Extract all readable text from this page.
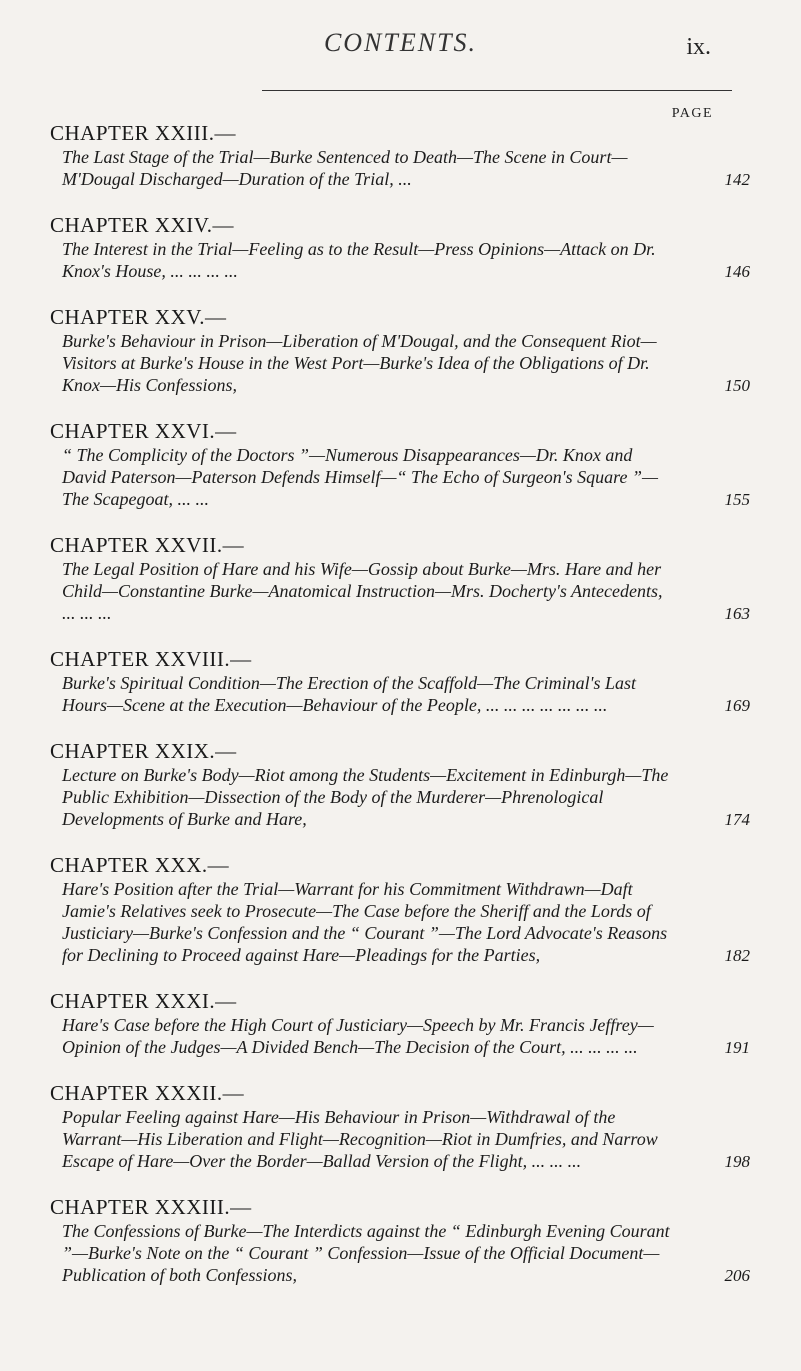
CONTENTS.	ix.
PAGE
CHAPTER XXIII.—
The Last Stage of the Trial—Burke Sentenced to Death—The Scene in Court—M'Dougal Discharged—Duration of the Trial, ...	142
CHAPTER XXIV.—
The Interest in the Trial—Feeling as to the Result—Press Opinions—Attack on Dr. Knox's House, ... ... ... ...	146
CHAPTER XXV.—
Burke's Behaviour in Prison—Liberation of M'Dougal, and the Consequent Riot—Visitors at Burke's House in the West Port—Burke's Idea of the Obligations of Dr. Knox—His Confessions,	150
CHAPTER XXVI.—
“ The Complicity of the Doctors ”—Numerous Disappearances—Dr. Knox and David Paterson—Paterson Defends Himself—“ The Echo of Surgeon's Square ”—The Scapegoat, ... ...	155
CHAPTER XXVII.—
The Legal Position of Hare and his Wife—Gossip about Burke—Mrs. Hare and her Child—Constantine Burke—Anatomical Instruction—Mrs. Docherty's Antecedents, ... ... ...	163
CHAPTER XXVIII.—
Burke's Spiritual Condition—The Erection of the Scaffold—The Criminal's Last Hours—Scene at the Execution—Behaviour of the People, ... ... ... ... ... ... ...	169
CHAPTER XXIX.—
Lecture on Burke's Body—Riot among the Students—Excitement in Edinburgh—The Public Exhibition—Dissection of the Body of the Murderer—Phrenological Developments of Burke and Hare,	174
CHAPTER XXX.—
Hare's Position after the Trial—Warrant for his Commitment Withdrawn—Daft Jamie's Relatives seek to Prosecute—The Case before the Sheriff and the Lords of Justiciary—Burke's Confession and the “ Courant ”—The Lord Advocate's Reasons for Declining to Proceed against Hare—Pleadings for the Parties,	182
CHAPTER XXXI.—
Hare's Case before the High Court of Justiciary—Speech by Mr. Francis Jeffrey—Opinion of the Judges—A Divided Bench—The Decision of the Court, ... ... ... ...	191
CHAPTER XXXII.—
Popular Feeling against Hare—His Behaviour in Prison—Withdrawal of the Warrant—His Liberation and Flight—Recognition—Riot in Dumfries, and Narrow Escape of Hare—Over the Border—Ballad Version of the Flight, ... ... ...	198
CHAPTER XXXIII.—
The Confessions of Burke—The Interdicts against the “ Edinburgh Evening Courant ”—Burke's Note on the “ Courant ” Confession—Issue of the Official Document—Publication of both Confessions,	206
